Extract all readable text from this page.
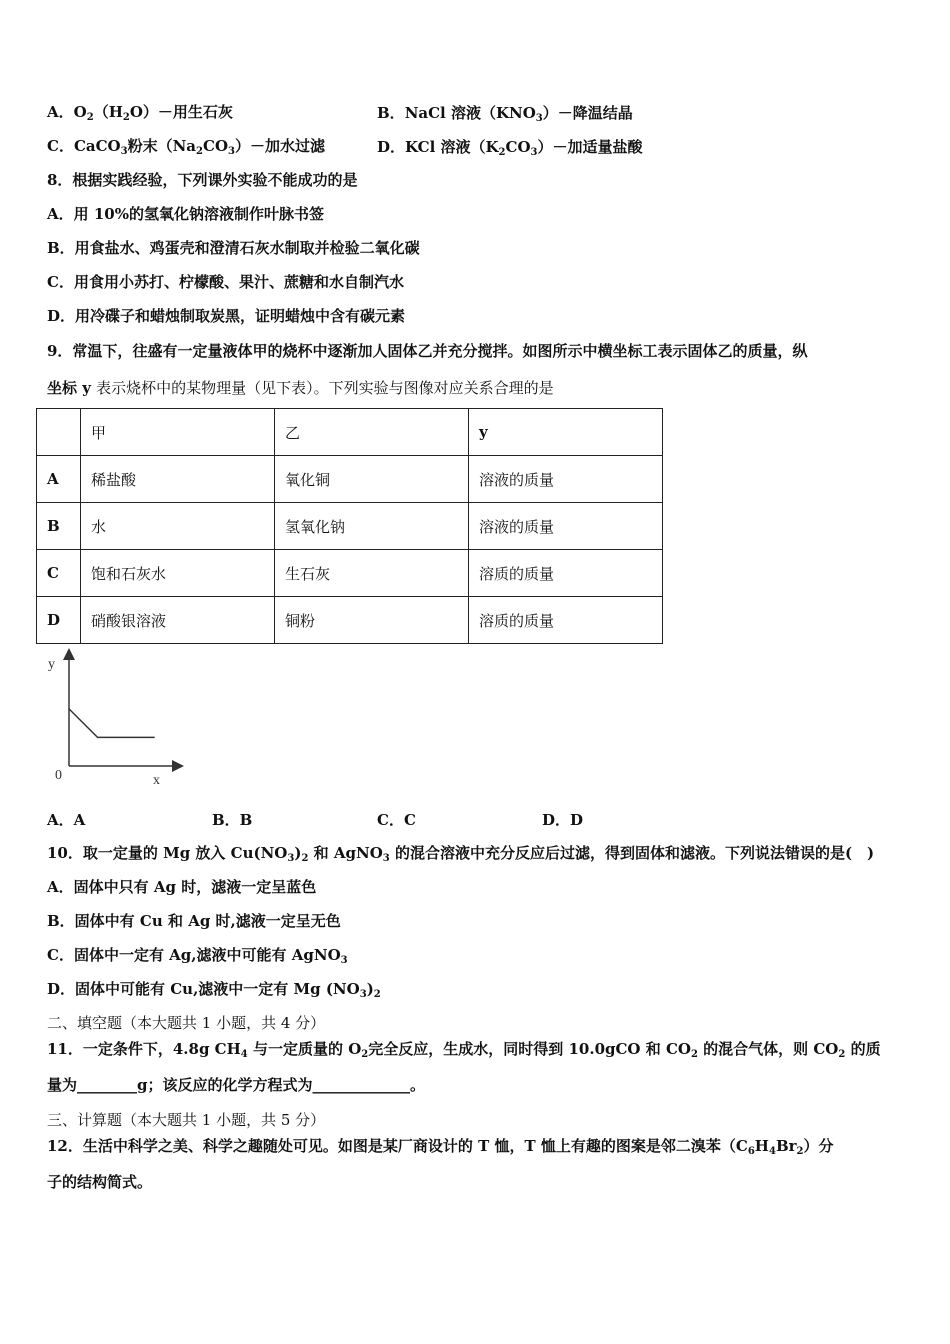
A．$O_2(H_2O)-$用生石灰	B．NaCl 溶液$(KNO_3)-$降温结晶
C．CaCO$_3$粉末$(Na_2CO_3)-$加水过滤	D．KCl 溶液$(K_2CO_3)-$加适量盐酸
8．根据实践经验，下列课外实验不能成功的是
A．用 10%的氢氧化钠溶液制作叶脉书签
B．用食盐水、鸡蛋壳和澄清石灰水制取并检验二氧化碳
C．用食用小苏打、柠檬酸、果汁、蔗糖和水自制汽水
D．用冷碟子和蜡烛制取炭黑，证明蜡烛中含有碳元素
9．常温下，往盛有一定量液体甲的烧杯中逐渐加人固体乙并充分搅拌。如图所示中横坐标工表示固体乙的质量，纵
坐标 y 表示烧杯中的某物理量（见下表）。下列实验与图像对应关系合理的是
	甲	乙	y
A	稀盐酸	氧化铜	溶液的质量
B	水	氢氧化钠	溶液的质量
C	饱和石灰水	生石灰	溶质的质量
D	硝酸银溶液	铜粉	溶质的质量
y
0	x
A．A	B．B	C．C	D．D
10．取一定量的 Mg 放入 $Cu(NO_3)_2$ 和 AgNO$_3$ 的混合溶液中充分反应后过滤，得到固体和滤液。下列说法错误的是(　)
A．固体中只有 Ag 时，滤液一定呈蓝色
B．固体中有 Cu 和 Ag 时,滤液一定呈无色
C．固体中一定有 Ag,滤液中可能有 AgNO$_3$
D．固体中可能有 Cu,滤液中一定有 Mg $(NO_3)_2$
二、填空题（本大题共 1 小题，共 4 分）
11．一定条件下，4.8g $CH_4$ 与一定质量的 $O_2$完全反应，生成水，同时得到 10.0gCO 和 $CO_2$ 的混合气体，则 $CO_2$ 的质
量为________g；该反应的化学方程式为_____________。
三、计算题（本大题共 1 小题，共 5 分）
12．生活中科学之美、科学之趣随处可见。如图是某厂商设计的 T 恤，T 恤上有趣的图案是邻二溴苯$(C_6H_4Br_2)$分
子的结构简式。
